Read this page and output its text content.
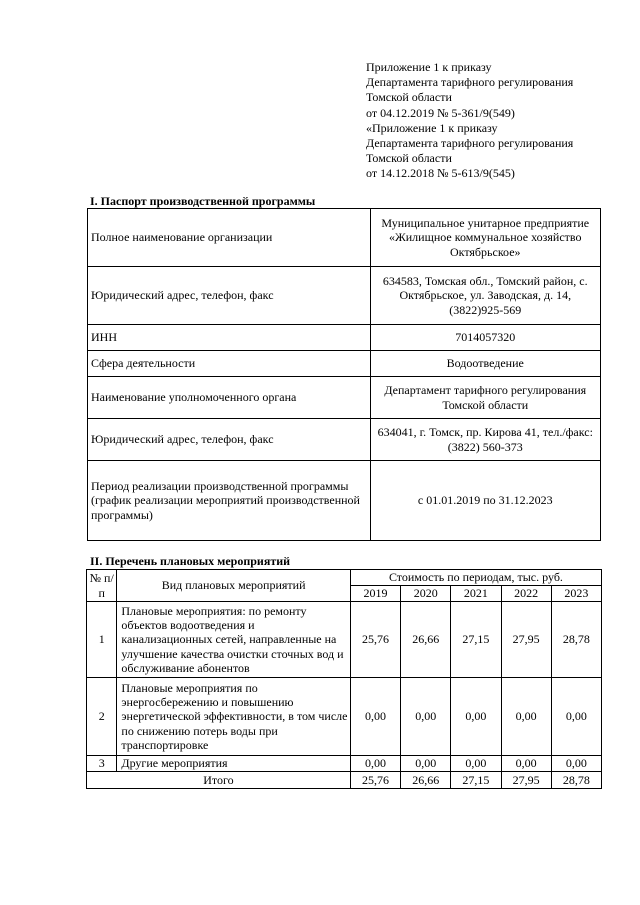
Приложение 1 к приказу
Департамента тарифного регулирования
Томской области
от 04.12.2019 № 5-361/9(549)
«Приложение 1 к приказу
Департамента тарифного регулирования
Томской области
от 14.12.2018 № 5-613/9(545)
I. Паспорт производственной программы
Полное наименование организации	Муниципальное унитарное предприятие «Жилищное коммунальное хозяйство Октябрьское»
Юридический адрес, телефон, факс	634583, Томская обл., Томский район, с. Октябрьское, ул. Заводская, д. 14, (3822)925-569
ИНН	7014057320
Сфера деятельности	Водоотведение
Наименование уполномоченного органа	Департамент тарифного регулирования Томской области
Юридический адрес, телефон, факс	634041, г. Томск, пр. Кирова 41, тел./факс: (3822) 560-373
Период реализации производственной программы (график реализации мероприятий производственной программы)	с 01.01.2019 по 31.12.2023
II. Перечень плановых мероприятий
№ п/п	Вид плановых мероприятий	Стоимость по периодам, тыс. руб.				
		2019	2020	2021	2022	2023
1	Плановые мероприятия: по ремонту объектов водоотведения и канализационных сетей, направленные на улучшение качества очистки сточных вод и обслуживание абонентов	25,76	26,66	27,15	27,95	28,78
2	Плановые мероприятия по энергосбережению и повышению энергетической эффективности, в том числе по снижению потерь воды при транспортировке	0,00	0,00	0,00	0,00	0,00
3	Другие мероприятия	0,00	0,00	0,00	0,00	0,00
Итого		25,76	26,66	27,15	27,95	28,78
